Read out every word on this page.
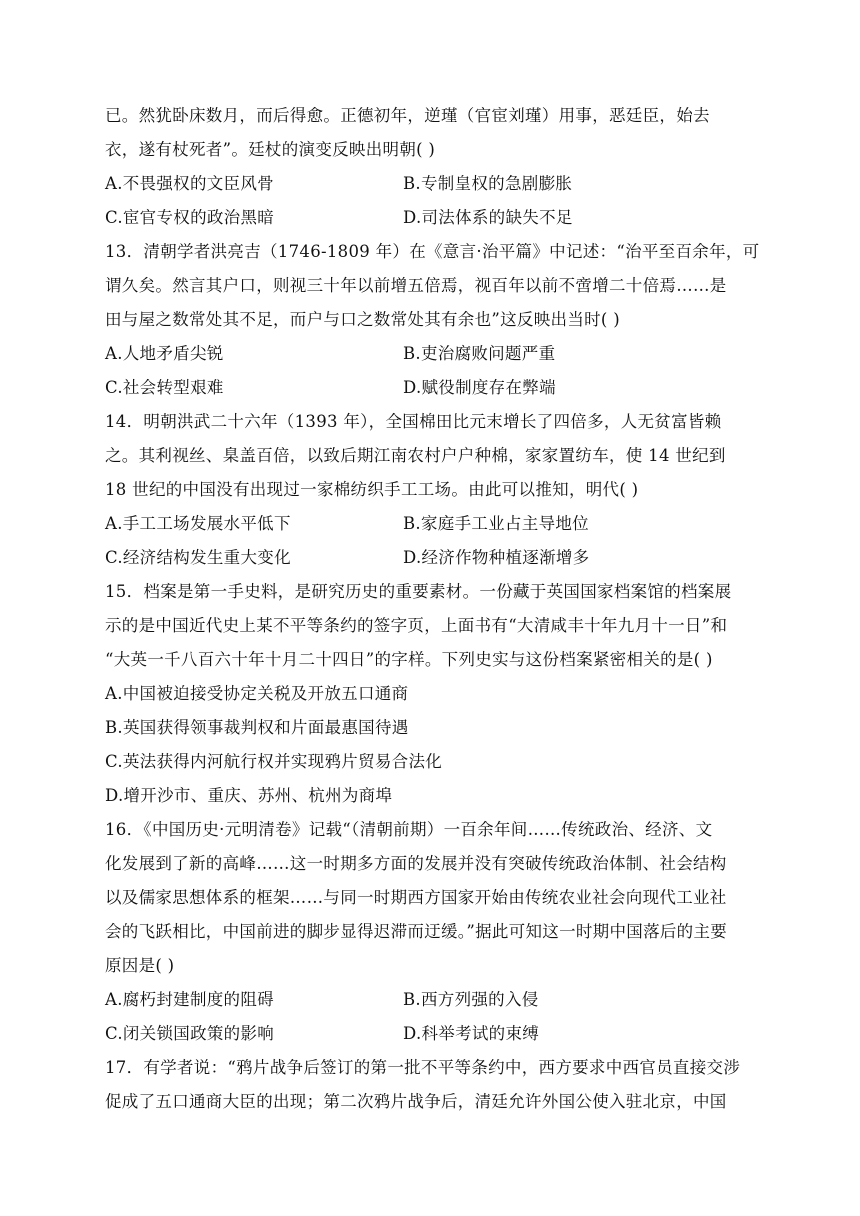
已。然犹卧床数月，而后得愈。正德初年，逆瑾（官宦刘瑾）用事，恶廷臣，始去
衣，遂有杖死者”。廷杖的演变反映出明朝( )
A.不畏强权的文臣风骨	B.专制皇权的急剧膨胀
C.宦官专权的政治黑暗	D.司法体系的缺失不足
13．清朝学者洪亮吉（1746-1809 年）在《意言·治平篇》中记述：“治平至百余年，可
谓久矣。然言其户口，则视三十年以前增五倍焉，视百年以前不啻增二十倍焉……是
田与屋之数常处其不足，而户与口之数常处其有余也”这反映出当时( )
A.人地矛盾尖锐	B.吏治腐败问题严重
C.社会转型艰难	D.赋役制度存在弊端
14．明朝洪武二十六年（1393 年），全国棉田比元末增长了四倍多，人无贫富皆赖
之。其利视丝、臬盖百倍，以致后期江南农村户户种棉，家家置纺车，使 14 世纪到
18 世纪的中国没有出现过一家棉纺织手工工场。由此可以推知，明代( )
A.手工工场发展水平低下	B.家庭手工业占主导地位
C.经济结构发生重大变化	D.经济作物种植逐渐增多
15．档案是第一手史料，是研究历史的重要素材。一份藏于英国国家档案馆的档案展
示的是中国近代史上某不平等条约的签字页，上面书有“大清咸丰十年九月十一日”和
“大英一千八百六十年十月二十四日”的字样。下列史实与这份档案紧密相关的是( )
A.中国被迫接受协定关税及开放五口通商
B.英国获得领事裁判权和片面最惠国待遇
C.英法获得内河航行权并实现鸦片贸易合法化
D.增开沙市、重庆、苏州、杭州为商埠
16．《中国历史·元明清卷》记载“（清朝前期）一百余年间……传统政治、经济、文
化发展到了新的高峰……这一时期多方面的发展并没有突破传统政治体制、社会结构
以及儒家思想体系的框架……与同一时期西方国家开始由传统农业社会向现代工业社
会的飞跃相比，中国前进的脚步显得迟滞而迂缓。”据此可知这一时期中国落后的主要
原因是( )
A.腐朽封建制度的阻碍	B.西方列强的入侵
C.闭关锁国政策的影响	D.科举考试的束缚
17．有学者说：“鸦片战争后签订的第一批不平等条约中，西方要求中西官员直接交涉
促成了五口通商大臣的出现；第二次鸦片战争后，清廷允许外国公使入驻北京，中国
